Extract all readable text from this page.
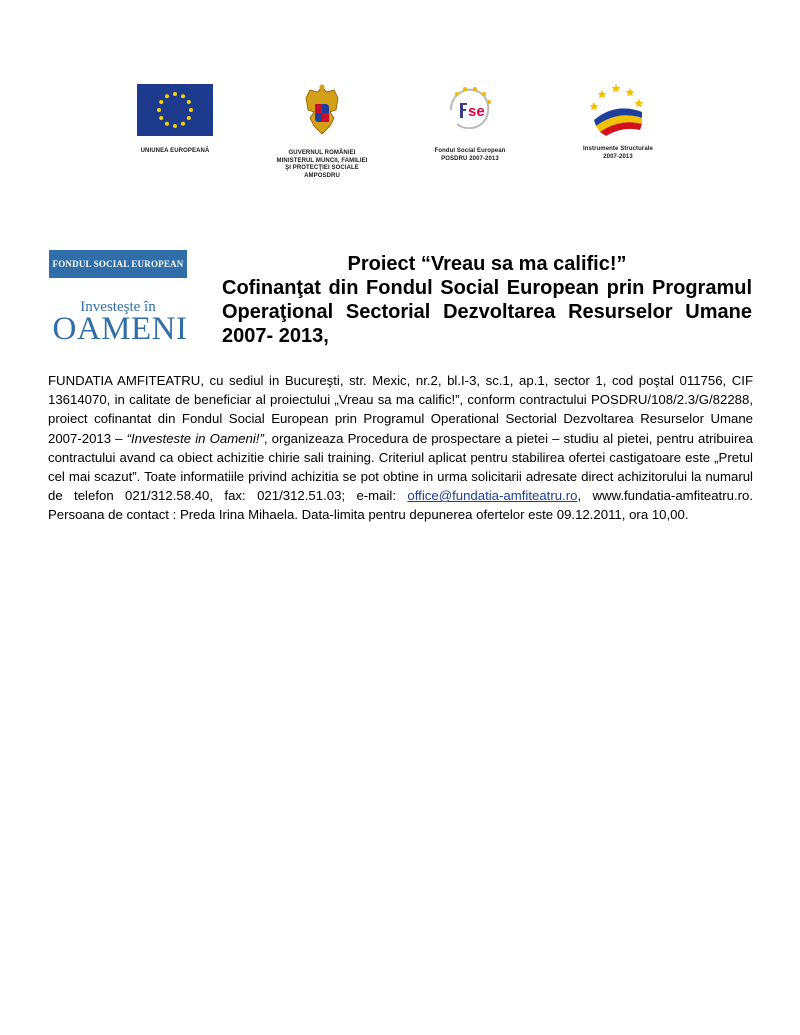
UNIUNEA EUROPEANĂ	GUVERNUL ROMÂNIEI
MINISTERUL MUNCII, FAMILIEI
ŞI PROTECŢIEI SOCIALE
AMPOSDRU
se
Fondul Social European
POSDRU 2007-2013
Instrumente Structurale
2007-2013
FONDUL SOCIAL EUROPEAN
Investeşte în
OAMENI
Proiect “Vreau sa ma calific!”
Cofinanţat din Fondul Social European prin Programul Operaţional Sectorial Dezvoltarea Resurselor Umane 2007- 2013,
FUNDATIA AMFITEATRU, cu sediul in Bucureşti, str. Mexic, nr.2, bl.I-3, sc.1, ap.1, sector 1, cod poştal 011756, CIF 13614070, in calitate de beneficiar al proiectului „Vreau sa ma calific!”, conform contractului POSDRU/108/2.3/G/82288, proiect cofinantat din Fondul Social European prin Programul Operational Sectorial Dezvoltarea Resurselor Umane 2007-2013 – “Investeste in Oameni!”, organizeaza Procedura de prospectare a pietei – studiu al pietei, pentru atribuirea contractului avand ca obiect achizitie chirie sali training. Criteriul aplicat pentru stabilirea ofertei castigatoare este „Pretul cel mai scazut”. Toate informatiile privind achizitia se pot obtine in urma solicitarii adresate direct achizitorului la numarul de telefon 021/312.58.40, fax: 021/312.51.03; e-mail: office@fundatia-amfiteatru.ro, www.fundatia-amfiteatru.ro. Persoana de contact : Preda Irina Mihaela. Data-limita pentru depunerea ofertelor este 09.12.2011, ora 10,00.
